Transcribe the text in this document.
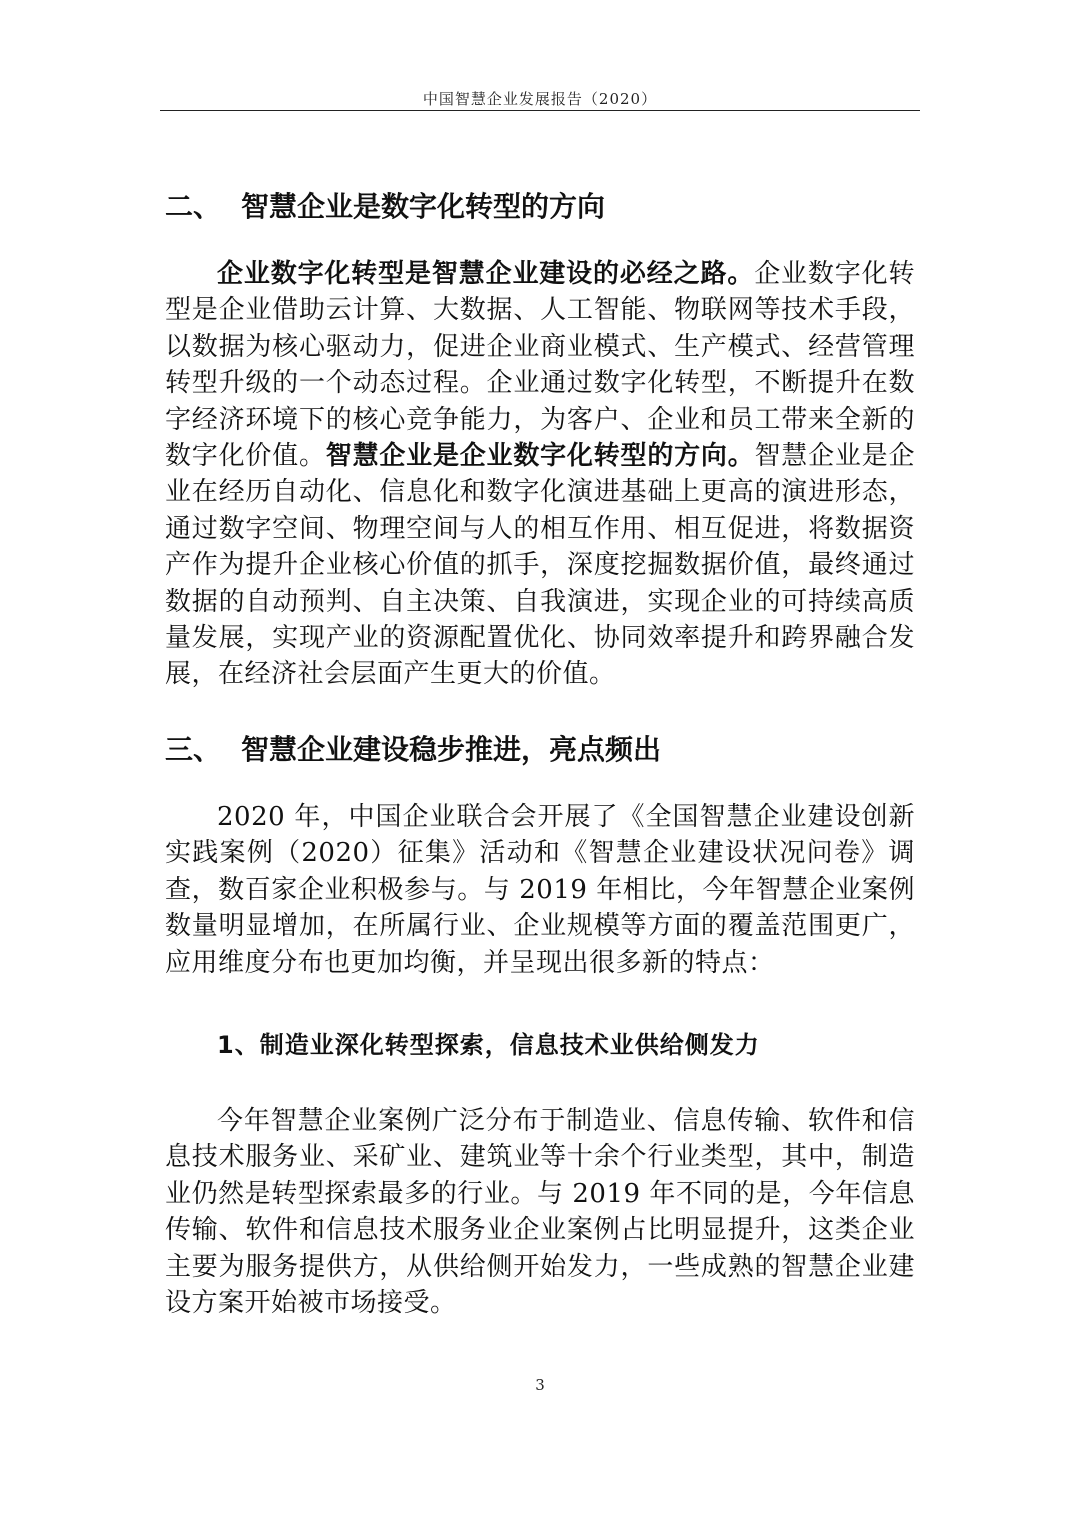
中国智慧企业发展报告（2020）
二、 智慧企业是数字化转型的方向

企业数字化转型是智慧企业建设的必经之路。企业数字化转型是企业借助云计算、大数据、人工智能、物联网等技术手段，以数据为核心驱动力，促进企业商业模式、生产模式、经营管理转型升级的一个动态过程。企业通过数字化转型，不断提升在数字经济环境下的核心竞争能力，为客户、企业和员工带来全新的数字化价值。智慧企业是企业数字化转型的方向。智慧企业是企业在经历自动化、信息化和数字化演进基础上更高的演进形态，通过数字空间、物理空间与人的相互作用、相互促进，将数据资产作为提升企业核心价值的抓手，深度挖掘数据价值，最终通过数据的自动预判、自主决策、自我演进，实现企业的可持续高质量发展，实现产业的资源配置优化、协同效率提升和跨界融合发展，在经济社会层面产生更大的价值。

三、 智慧企业建设稳步推进，亮点频出

2020 年，中国企业联合会开展了《全国智慧企业建设创新实践案例（2020）征集》活动和《智慧企业建设状况问卷》调查，数百家企业积极参与。与 2019 年相比，今年智慧企业案例数量明显增加，在所属行业、企业规模等方面的覆盖范围更广，应用维度分布也更加均衡，并呈现出很多新的特点：

1、制造业深化转型探索，信息技术业供给侧发力

今年智慧企业案例广泛分布于制造业、信息传输、软件和信息技术服务业、采矿业、建筑业等十余个行业类型，其中，制造业仍然是转型探索最多的行业。与 2019 年不同的是，今年信息传输、软件和信息技术服务业企业案例占比明显提升，这类企业主要为服务提供方，从供给侧开始发力，一些成熟的智慧企业建设方案开始被市场接受。

3
